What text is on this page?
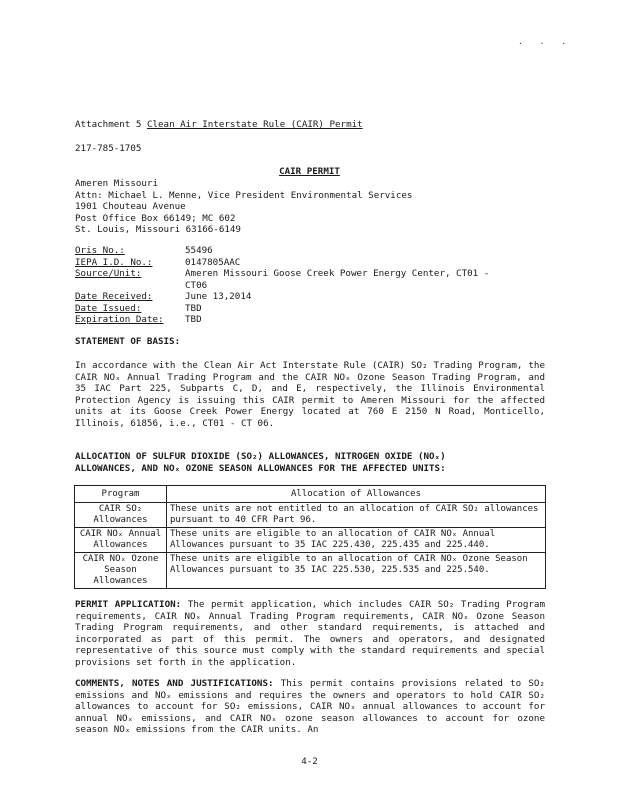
. . .
Attachment 5 Clean Air Interstate Rule (CAIR) Permit
217-785-1705
CAIR PERMIT
Ameren Missouri
Attn: Michael L. Menne, Vice President Environmental Services
1901 Chouteau Avenue
Post Office Box 66149; MC 602
St. Louis, Missouri 63166-6149
Oris No.:	55496
IEPA I.D. No.:	0147805AAC
Source/Unit:	Ameren Missouri Goose Creek Power Energy Center, CT01 -
CT06
Date Received:	June 13,2014
Date Issued:	TBD
Expiration Date: TBD
STATEMENT OF BASIS:
In accordance with the Clean Air Act Interstate Rule (CAIR) SO₂ Trading Program, the CAIR NOₓ Annual Trading Program and the CAIR NOₓ Ozone Season Trading Program, and 35 IAC Part 225, Subparts C, D, and E, respectively, the Illinois Environmental Protection Agency is issuing this CAIR permit to Ameren Missouri for the affected units at its Goose Creek Power Energy located at 760 E 2150 N Road, Monticello, Illinois, 61856, i.e., CT01 - CT 06.
ALLOCATION OF SULFUR DIOXIDE (SO₂) ALLOWANCES, NITROGEN OXIDE (NOₓ)
ALLOWANCES, AND NOₓ OZONE SEASON ALLOWANCES FOR THE AFFECTED UNITS:
Program	Allocation of Allowances
CAIR SO₂ Allowances	These units are not entitled to an allocation of CAIR SO₂ allowances pursuant to 40 CFR Part 96.
CAIR NOₓ Annual Allowances	These units are eligible to an allocation of CAIR NOₓ Annual Allowances pursuant to 35 IAC 225.430, 225.435 and 225.440.
CAIR NOₓ Ozone Season Allowances	These units are eligible to an allocation of CAIR NOₓ Ozone Season Allowances pursuant to 35 IAC 225.530, 225.535 and 225.540.
PERMIT APPLICATION: The permit application, which includes CAIR SO₂ Trading Program requirements, CAIR NOₓ Annual Trading Program requirements, CAIR NOₓ Ozone Season Trading Program requirements, and other standard requirements, is attached and incorporated as part of this permit. The owners and operators, and designated representative of this source must comply with the standard requirements and special provisions set forth in the application.
COMMENTS, NOTES AND JUSTIFICATIONS: This permit contains provisions related to SO₂ emissions and NOₓ emissions and requires the owners and operators to hold CAIR SO₂ allowances to account for SO₂ emissions, CAIR NOₓ annual allowances to account for annual NOₓ emissions, and CAIR NOₓ ozone season allowances to account for ozone season NOₓ emissions from the CAIR units. An
4-2
